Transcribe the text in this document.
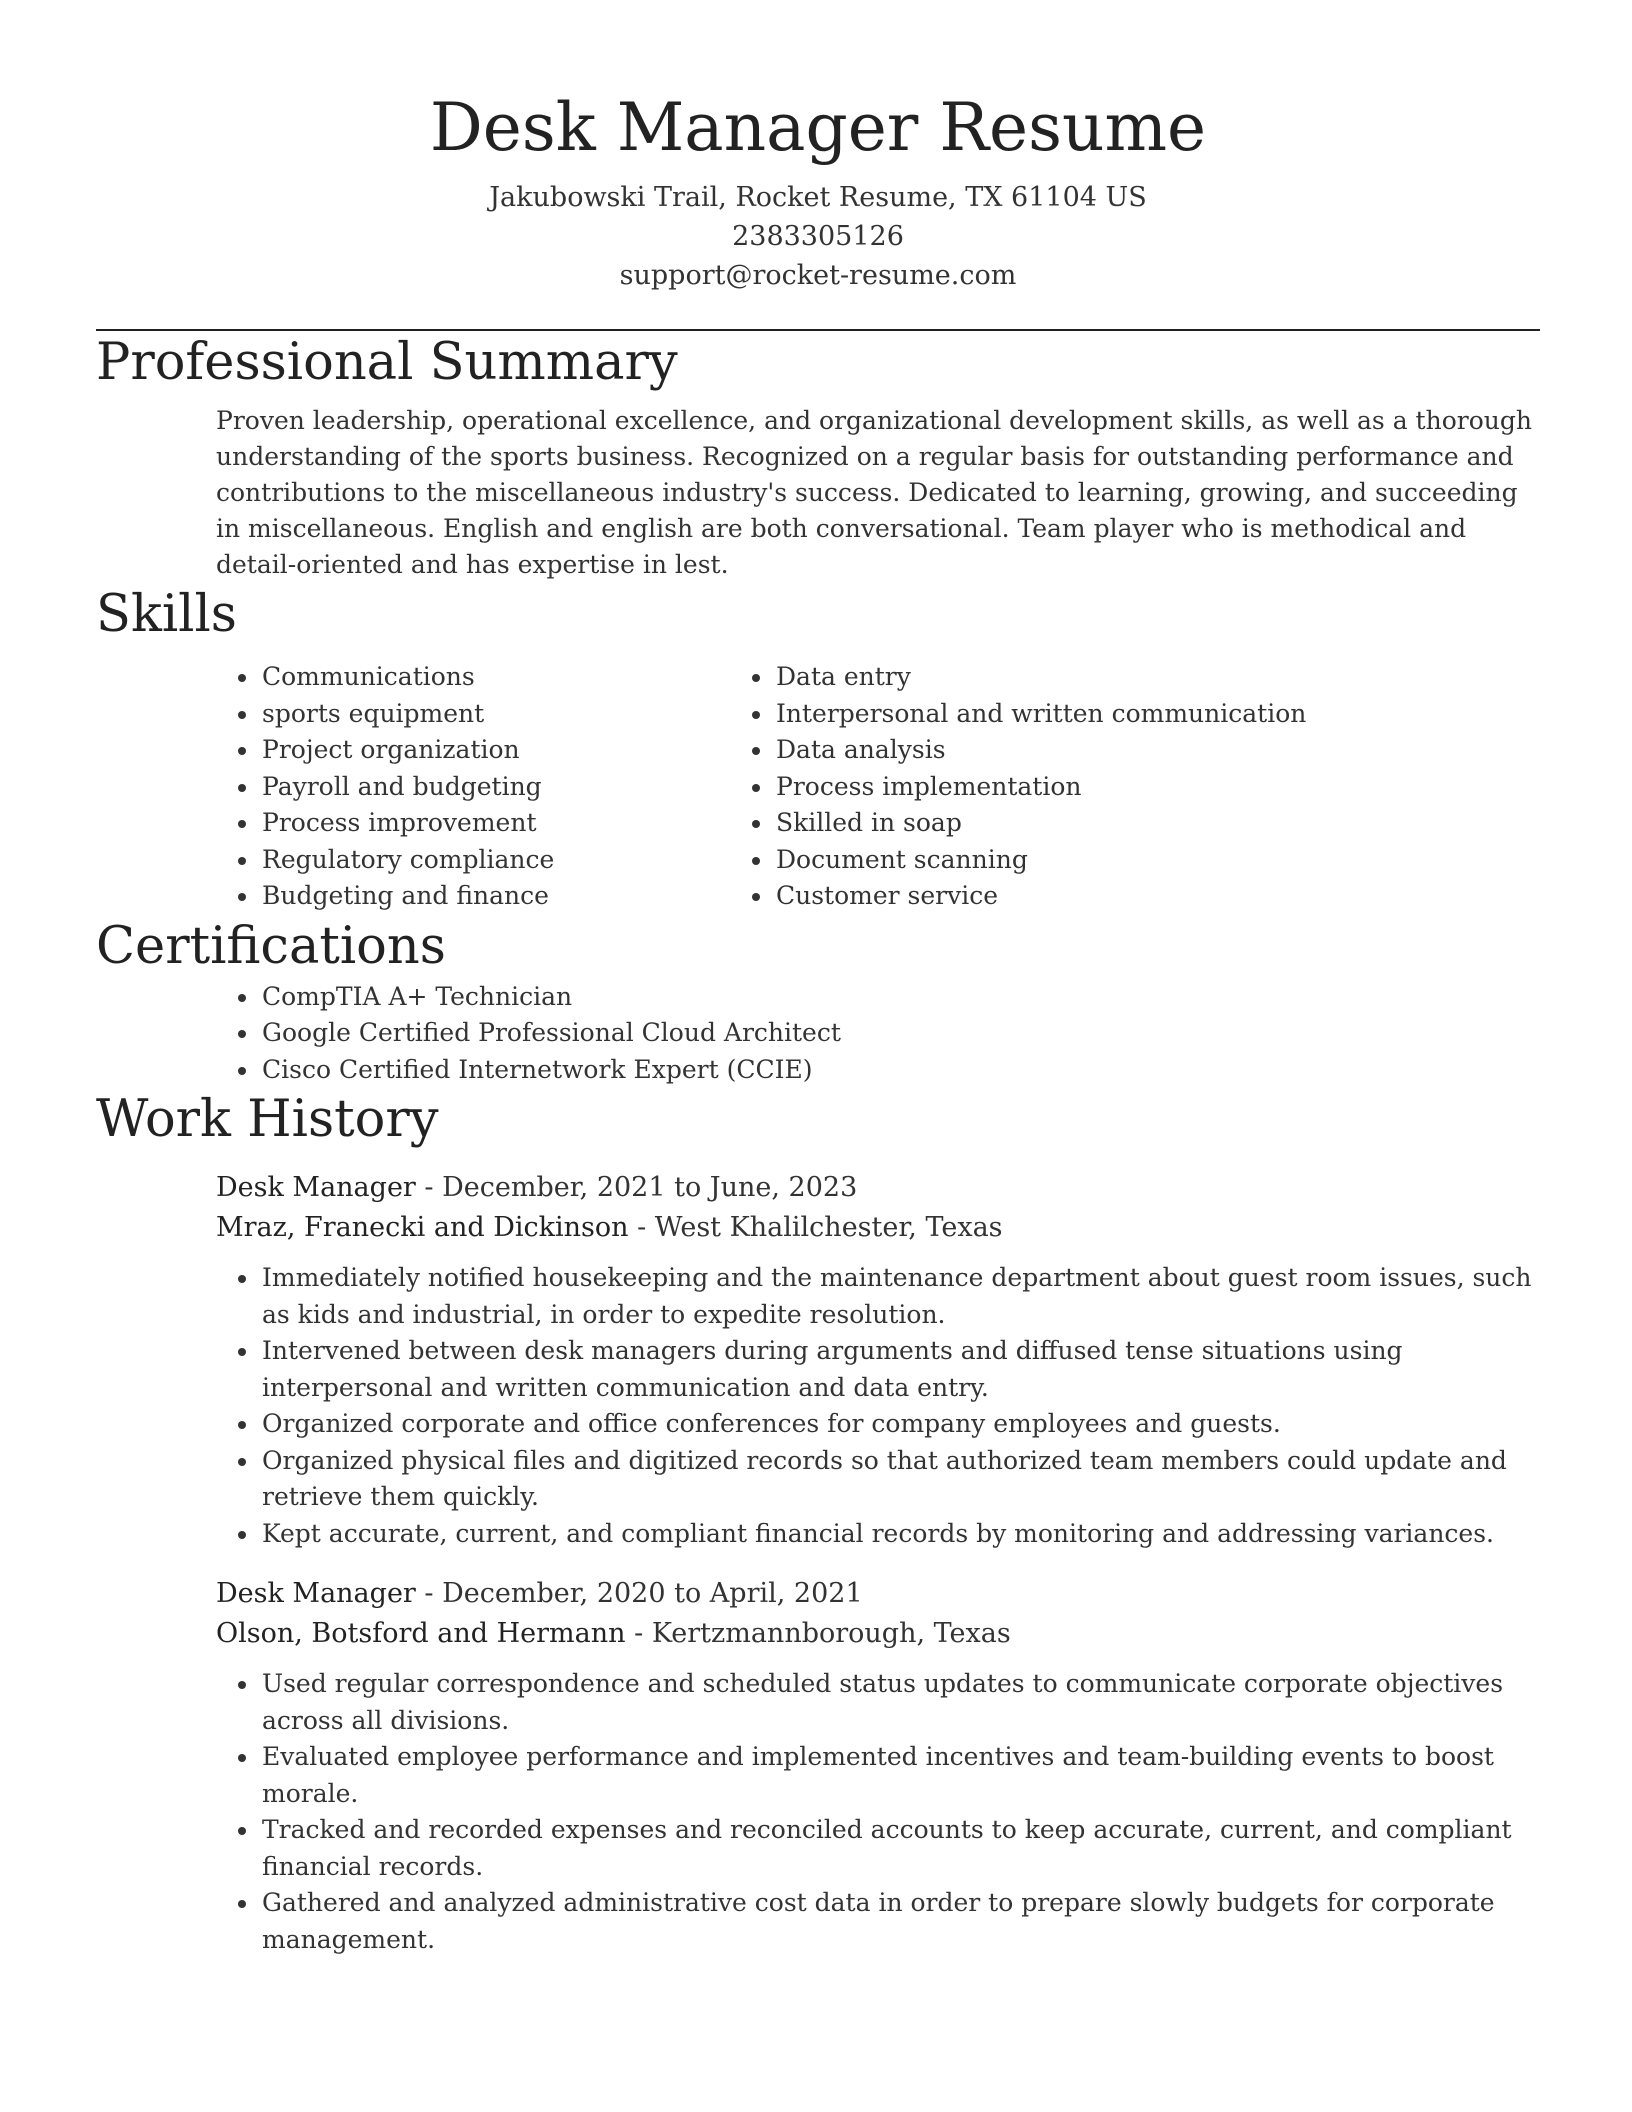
Desk Manager Resume
Jakubowski Trail, Rocket Resume, TX 61104 US
2383305126
support@rocket-resume.com
Professional Summary

Proven leadership, operational excellence, and organizational development skills, as well as a thorough understanding of the sports business. Recognized on a regular basis for outstanding performance and contributions to the miscellaneous industry's success. Dedicated to learning, growing, and succeeding in miscellaneous. English and english are both conversational. Team player who is methodical and detail-oriented and has expertise in lest.

Skills
• Communications
• sports equipment
• Project organization
• Payroll and budgeting
• Process improvement
• Regulatory compliance
• Budgeting and finance
• Data entry
• Interpersonal and written communication
• Data analysis
• Process implementation
• Skilled in soap
• Document scanning
• Customer service
Certifications
• CompTIA A+ Technician
• Google Certified Professional Cloud Architect
• Cisco Certified Internetwork Expert (CCIE)
Work History
Desk Manager - December, 2021 to June, 2023
Mraz, Franecki and Dickinson - West Khalilchester, Texas
• Immediately notified housekeeping and the maintenance department about guest room issues, such as kids and industrial, in order to expedite resolution.
• Intervened between desk managers during arguments and diffused tense situations using interpersonal and written communication and data entry.
• Organized corporate and office conferences for company employees and guests.
• Organized physical files and digitized records so that authorized team members could update and retrieve them quickly.
• Kept accurate, current, and compliant financial records by monitoring and addressing variances.
Desk Manager - December, 2020 to April, 2021
Olson, Botsford and Hermann - Kertzmannborough, Texas
• Used regular correspondence and scheduled status updates to communicate corporate objectives across all divisions.
• Evaluated employee performance and implemented incentives and team-building events to boost morale.
• Tracked and recorded expenses and reconciled accounts to keep accurate, current, and compliant financial records.
• Gathered and analyzed administrative cost data in order to prepare slowly budgets for corporate management.
